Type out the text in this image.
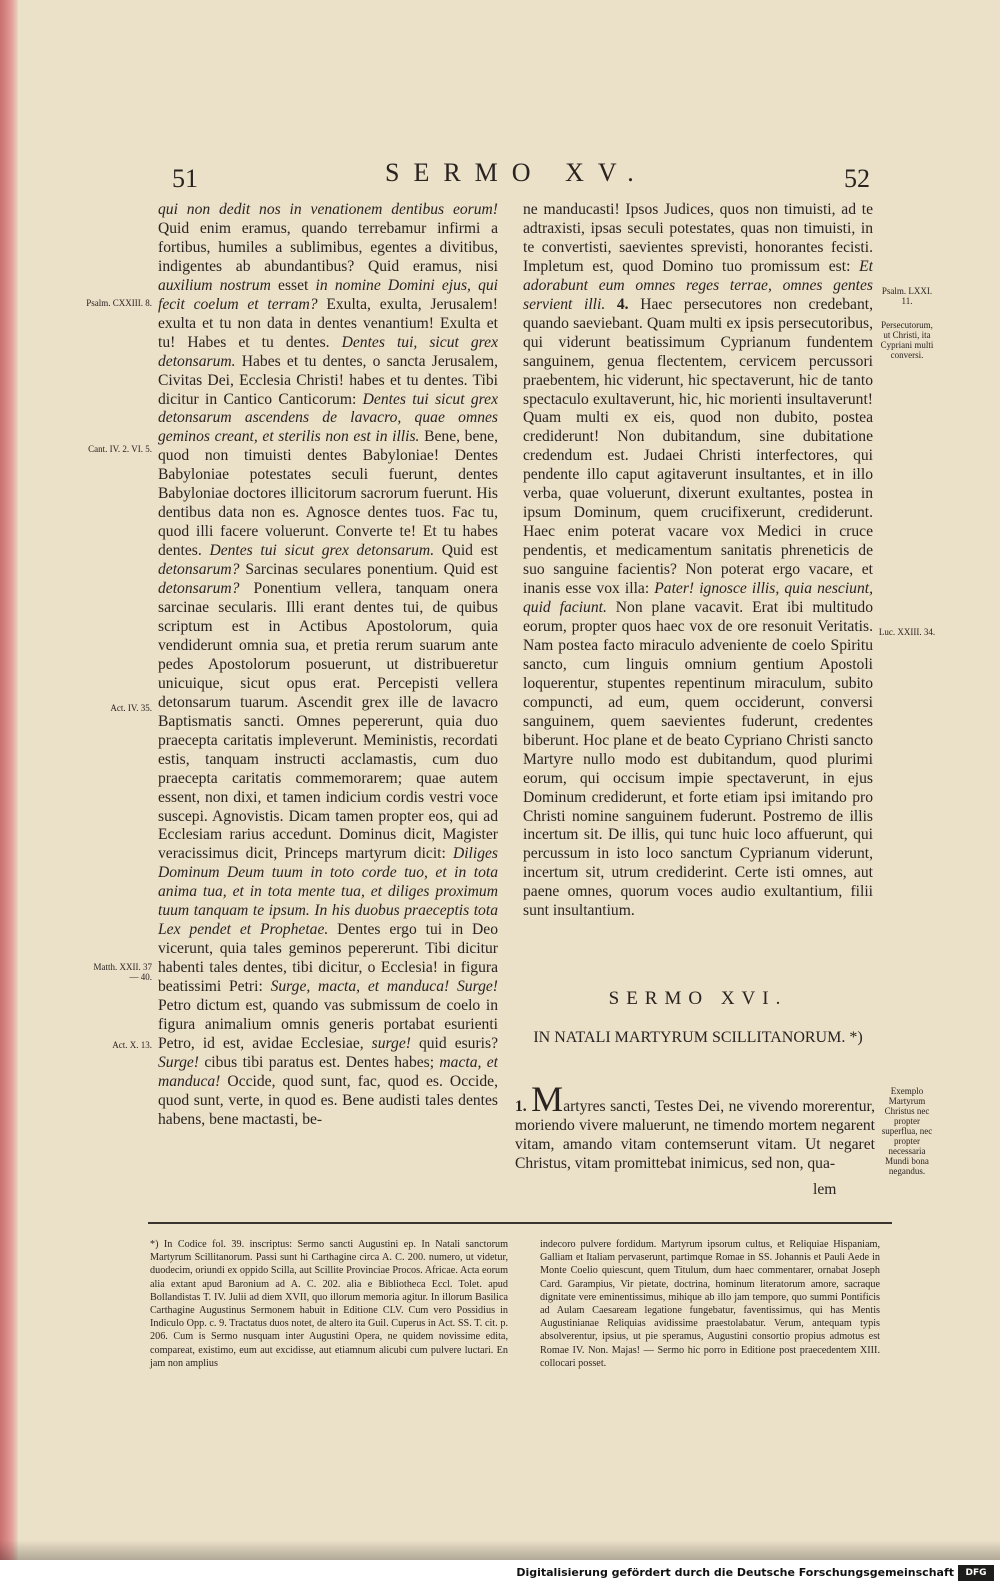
51	SERMO XV.	52

qui non dedit nos in venationem dentibus eorum! Quid enim eramus, quando terrebamur infirmi a fortibus, humiles a sublimibus, egentes a divitibus, indigentes ab abundantibus? Quid eramus, nisi auxilium nostrum esset in nomine Domini ejus, qui fecit coelum et terram? Exulta, exulta, Jerusalem! exulta et tu non data in dentes venantium! Exulta et tu! Habes et tu dentes. Dentes tui, sicut grex detonsarum. Habes et tu dentes, o sancta Jerusalem, Civitas Dei, Ecclesia Christi! habes et tu dentes. Tibi dicitur in Cantico Canticorum: Dentes tui sicut grex detonsarum ascendens de lavacro, quae omnes geminos creant, et sterilis non est in illis. Bene, bene, quod non timuisti dentes Babyloniae! Dentes Babyloniae potestates seculi fuerunt, dentes Babyloniae doctores illicitorum sacrorum fuerunt. His dentibus data non es. Agnosce dentes tuos. Fac tu, quod illi facere voluerunt. Converte te! Et tu habes dentes. Dentes tui sicut grex detonsarum. Quid est detonsarum? Sarcinas seculares ponentium. Quid est detonsarum? Ponentium vellera, tanquam onera sarcinae secularis. Illi erant dentes tui, de quibus scriptum est in Actibus Apostolorum, quia vendiderunt omnia sua, et pretia rerum suarum ante pedes Apostolorum posuerunt, ut distribueretur unicuique, sicut opus erat. Percepisti vellera detonsarum tuarum. Ascendit grex ille de lavacro Baptismatis sancti. Omnes pepererunt, quia duo praecepta caritatis impleverunt. Meministis, recordati estis, tanquam instructi acclamastis, cum duo praecepta caritatis commemorarem; quae autem essent, non dixi, et tamen indicium cordis vestri voce suscepi. Agnovistis. Dicam tamen propter eos, qui ad Ecclesiam rarius accedunt. Dominus dicit, Magister veracissimus dicit, Princeps martyrum dicit: Diliges Dominum Deum tuum in toto corde tuo, et in tota anima tua, et in tota mente tua, et diliges proximum tuum tanquam te ipsum. In his duobus praeceptis tota Lex pendet et Prophetae. Dentes ergo tui in Deo vicerunt, quia tales geminos pepererunt. Tibi dicitur habenti tales dentes, tibi dicitur, o Ecclesia! in figura beatissimi Petri: Surge, macta, et manduca! Surge! Petro dictum est, quando vas submissum de coelo in figura animalium omnis generis portabat esurienti Petro, id est, avidae Ecclesiae, surge! quid esuris? Surge! cibus tibi paratus est. Dentes habes; macta, et manduca! Occide, quod sunt, fac, quod es. Occide, quod sunt, verte, in quod es. Bene audisti tales dentes habens, bene mactasti, be-

Psalm. CXXIII. 8.
Cant. IV. 2. VI. 5.
Act. IV. 35.
Matth. XXII. 37 — 40.
Act. X. 13.

ne manducasti! Ipsos Judices, quos non timuisti, ad te adtraxisti, ipsas seculi potestates, quas non timuisti, in te convertisti, saevientes sprevisti, honorantes fecisti. Impletum est, quod Domino tuo promissum est: Et adorabunt eum omnes reges terrae, omnes gentes servient illi. 4. Haec persecutores non credebant, quando saeviebant. Quam multi ex ipsis persecutoribus, qui viderunt beatissimum Cyprianum fundentem sanguinem, genua flectentem, cervicem percussori praebentem, hic viderunt, hic spectaverunt, hic de tanto spectaculo exultaverunt, hic, hic morienti insultaverunt! Quam multi ex eis, quod non dubito, postea crediderunt! Non dubitandum, sine dubitatione credendum est. Judaei Christi interfectores, qui pendente illo caput agitaverunt insultantes, et in illo verba, quae voluerunt, dixerunt exultantes, postea in ipsum Dominum, quem crucifixerunt, crediderunt. Haec enim poterat vacare vox Medici in cruce pendentis, et medicamentum sanitatis phreneticis de suo sanguine facientis? Non poterat ergo vacare, et inanis esse vox illa: Pater! ignosce illis, quia nesciunt, quid faciunt. Non plane vacavit. Erat ibi multitudo eorum, propter quos haec vox de ore resonuit Veritatis. Nam postea facto miraculo adveniente de coelo Spiritu sancto, cum linguis omnium gentium Apostoli loquerentur, stupentes repentinum miraculum, subito compuncti, ad eum, quem occiderunt, conversi sanguinem, quem saevientes fuderunt, credentes biberunt. Hoc plane et de beato Cypriano Christi sancto Martyre nullo modo est dubitandum, quod plurimi eorum, qui occisum impie spectaverunt, in ejus Dominum crediderunt, et forte etiam ipsi imitando pro Christi nomine sanguinem fuderunt. Postremo de illis incertum sit. De illis, qui tunc huic loco affuerunt, qui percussum in isto loco sanctum Cyprianum viderunt, incertum sit, utrum crediderint. Certe isti omnes, aut paene omnes, quorum voces audio exultantium, filii sunt insultantium.

Psalm. LXXI. 11.
Persecutorum, ut Christi, ita Cypriani multi conversi.
Luc. XXIII. 34.
Exemplo Martyrum Christus nec propter superflua, nec propter necessaria Mundi bona negandus.
SERMO XVI.
IN NATALI MARTYRUM SCILLITANORUM. *)

1. Martyres sancti, Testes Dei, ne vivendo morerentur, moriendo vivere maluerunt, ne timendo mortem negarent vitam, amando vitam contemserunt vitam. Ut negaret Christus, vitam promittebat inimicus, sed non, qua-

lem

*) In Codice fol. 39. inscriptus: Sermo sancti Augustini ep. In Natali sanctorum Martyrum Scillitanorum. Passi sunt hi Carthagine circa A. C. 200. numero, ut videtur, duodecim, oriundi ex oppido Scilla, aut Scillite Provinciae Procos. Africae. Acta eorum alia extant apud Baronium ad A. C. 202. alia e Bibliotheca Eccl. Tolet. apud Bollandistas T. IV. Julii ad diem XVII, quo illorum memoria agitur. In illorum Basilica Carthagine Augustinus Sermonem habuit in Editione CLV. Cum vero Possidius in Indiculo Opp. c. 9. Tractatus duos notet, de altero ita Guil. Cuperus in Act. SS. T. cit. p. 206. Cum is Sermo nusquam inter Augustini Opera, ne quidem novissime edita, compareat, existimo, eum aut excidisse, aut etiamnum alicubi cum pulvere luctari. En jam non amplius

indecoro pulvere fordidum. Martyrum ipsorum cultus, et Reliquiae Hispaniam, Galliam et Italiam pervaserunt, partimque Romae in SS. Johannis et Pauli Aede in Monte Coelio quiescunt, quem Titulum, dum haec commentarer, ornabat Joseph Card. Garampius, Vir pietate, doctrina, hominum literatorum amore, sacraque dignitate vere eminentissimus, mihique ab illo jam tempore, quo summi Pontificis ad Aulam Caesaream legatione fungebatur, faventissimus, qui has Mentis Augustinianae Reliquias avidissime praestolabatur. Verum, antequam typis absolverentur, ipsius, ut pie speramus, Augustini consortio propius admotus est Romae IV. Non. Majas! — Sermo hic porro in Editione post praecedentem XIII. collocari posset.

Digitalisierung gefördert durch die Deutsche Forschungsgemeinschaft	DFG
